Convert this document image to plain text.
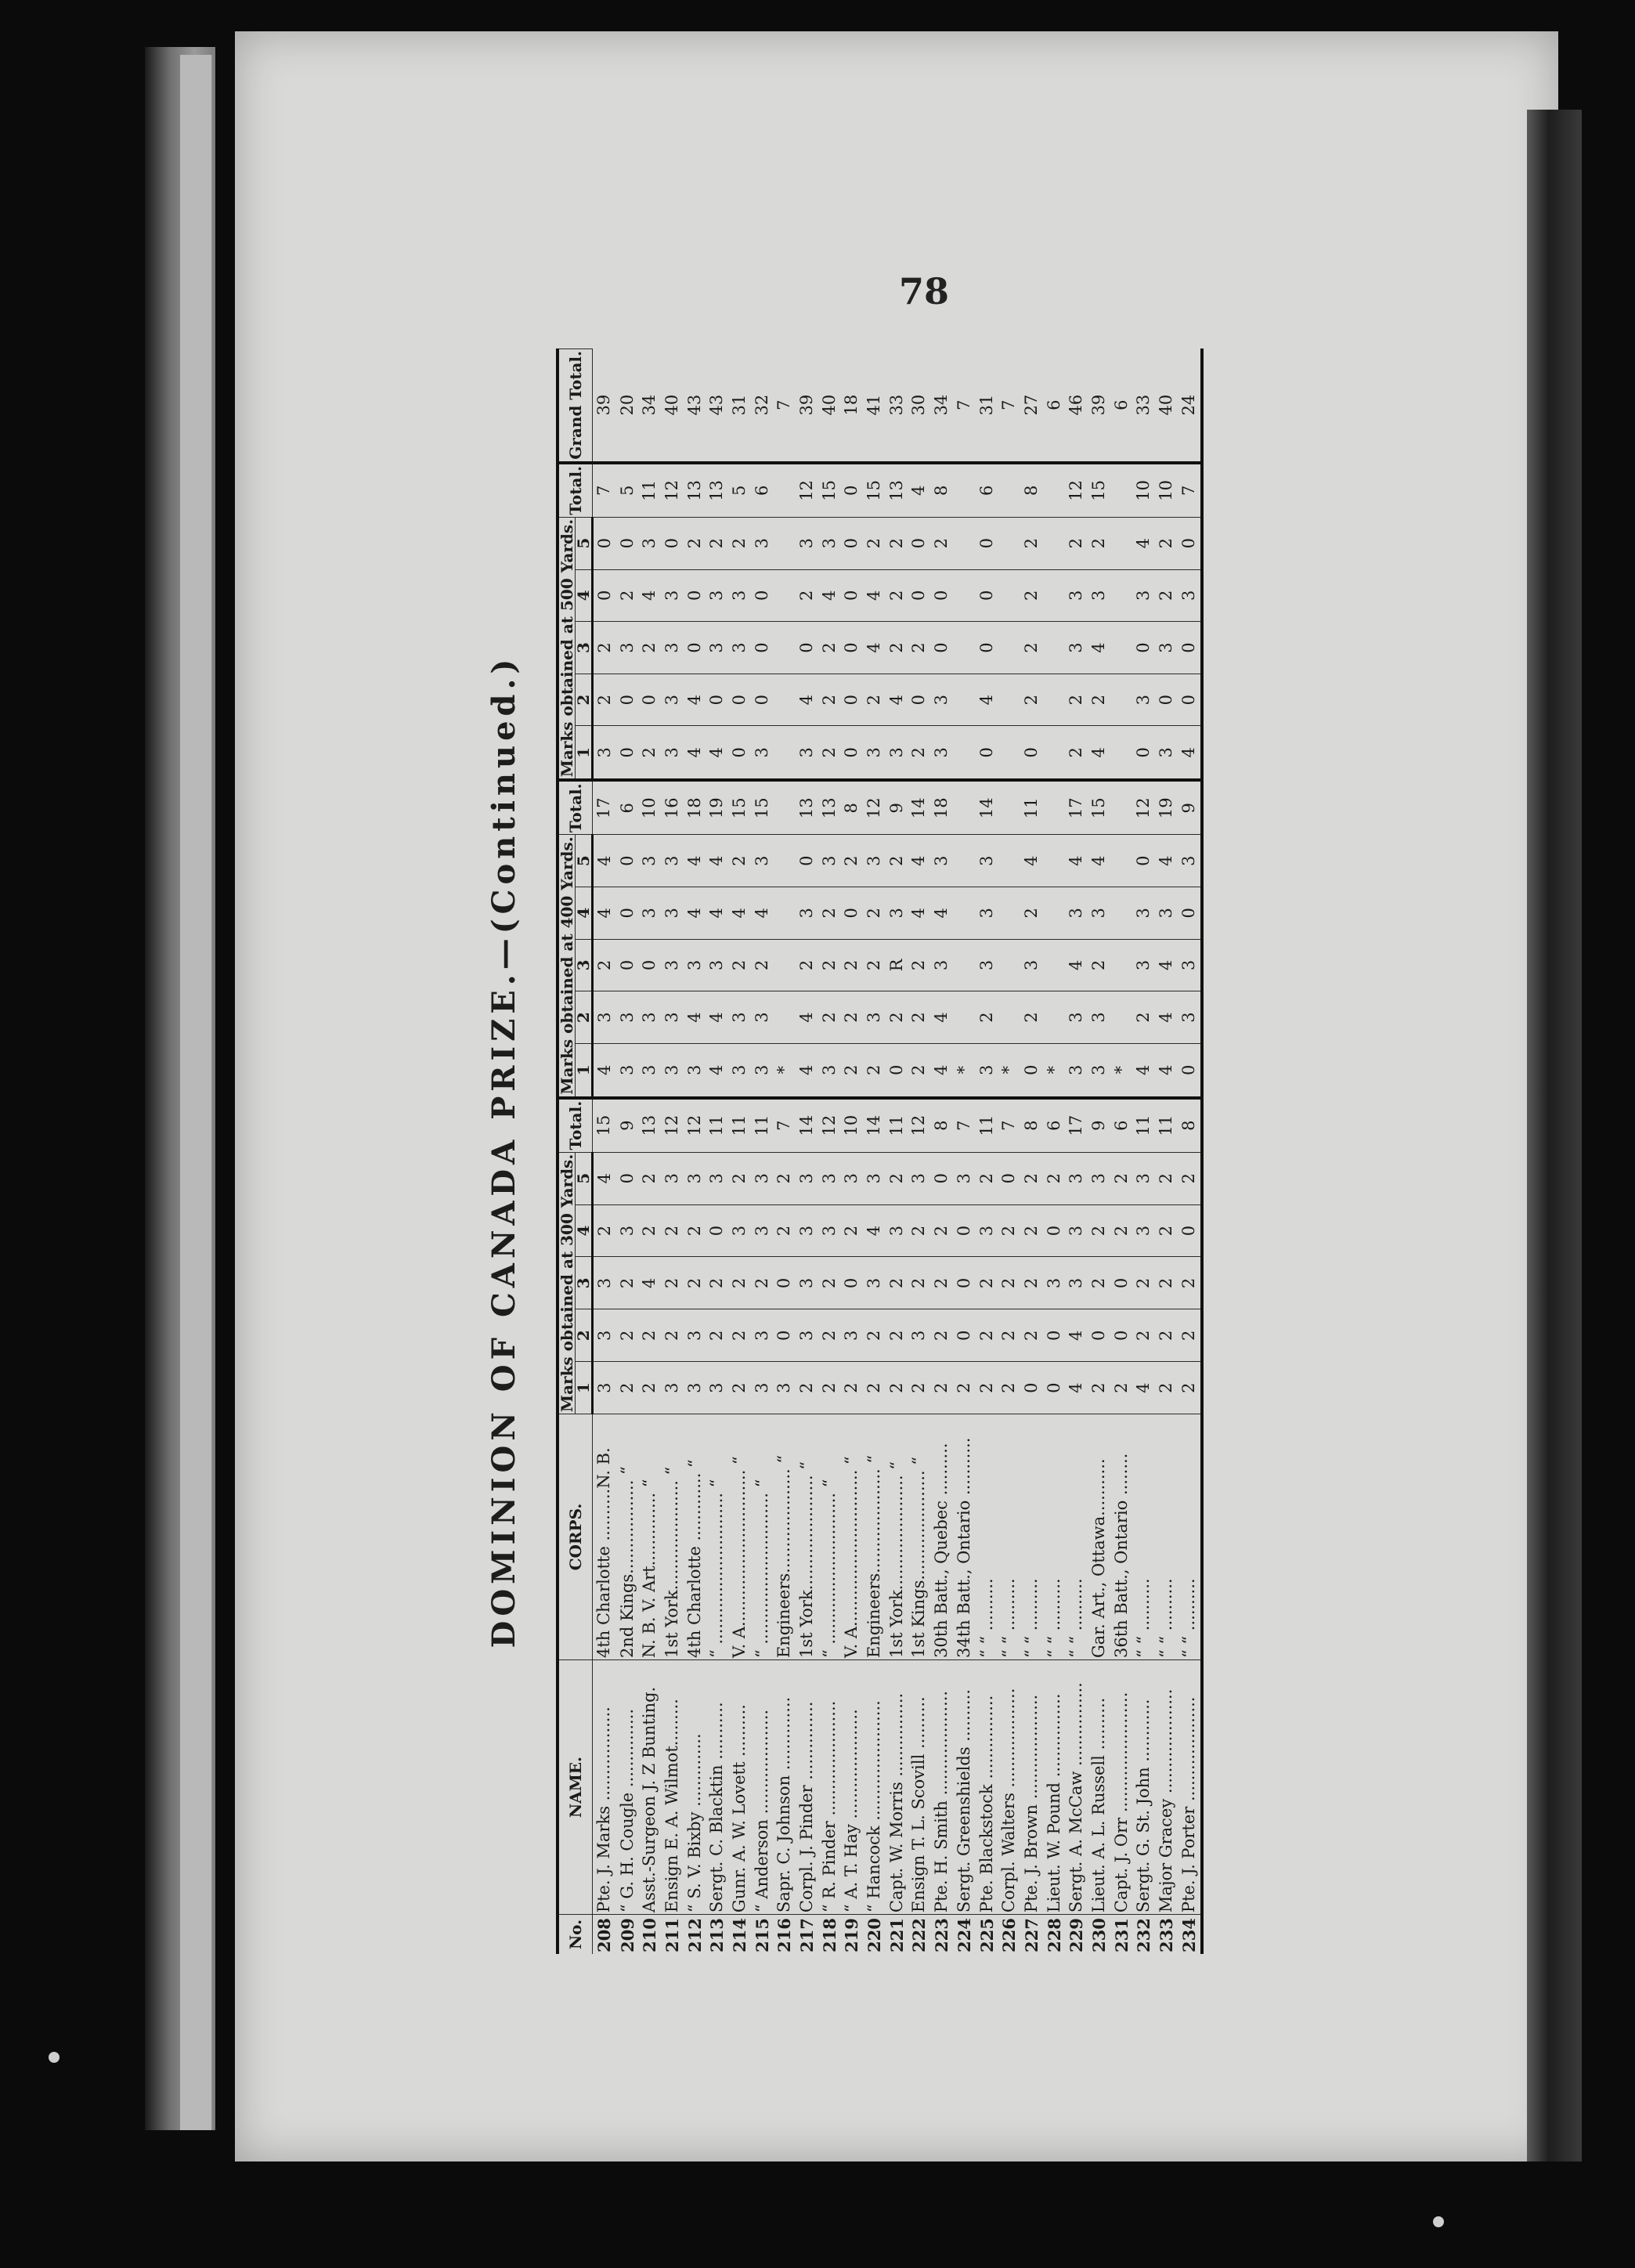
78
DOMINION OF CANADA PRIZE.—(Continued.)
No.	NAME.	CORPS.	Marks obtained at 300 Yards.					Total.	Marks obtained at 400 Yards.					Total.	Marks obtained at 500 Yards.					Total.	Grand Total.
			1	2	3	4	5		1	2	3	4	5		1	2	3	4	5		
208	Pte. J. Marks ..................	4th Charlotte ..........N. B.	3	3	3	2	4	15	4	3	2	4	4	17	3	2	2	0	0	7	39
209	“ G. H. Cougle ...............	2nd Kings.................. “	2	2	2	3	0	9	3	3	0	0	0	6	0	0	3	2	0	5	20
210	Asst.-Surgeon J. Z Bunting.	N. B. V. Art.............. “	2	2	4	2	2	13	3	3	0	3	3	10	2	0	2	4	3	11	34
211	Ensign E. A. Wilmot.........	1st York..................... “	3	2	2	2	3	12	3	3	3	3	3	16	3	3	3	3	0	12	40
212	“ S. V. Bixby ..............	4th Charlotte ............. “	3	3	2	2	3	12	3	4	3	4	4	18	4	4	0	0	2	13	43
213	Sergt. C. Blacktin ...........	“ ............................. “	3	2	2	0	3	11	4	4	3	4	4	19	4	0	3	3	2	13	43
214	Gunr. A. W. Lovett ..........	V. A.............................. “	2	2	2	3	2	11	3	3	2	4	2	15	0	0	3	3	2	5	31
215	“ Anderson ....................	“ ............................. “	3	3	2	3	3	11	3	3	2	4	3	15	3	0	0	0	3	6	32
216	Sapr. C. Johnson ..............	Engineers.................... “	3	0	0	2	2	7	*												7
217	Corpl. J. Pinder ...............	1st York...................... “	2	3	3	3	3	14	4	4	2	3	0	13	3	4	0	2	3	12	39
218	“ R. Pinder ......................	“ ............................. “	2	2	2	3	3	12	3	2	2	2	3	13	2	2	2	4	3	15	40
219	“ A. T. Hay .....................	V. A.............................. “	2	3	0	2	3	10	2	2	2	0	2	8	0	0	0	0	0	0	18
220	“ Hancock .......................	Engineers.................... “	2	2	3	4	3	14	2	3	2	2	3	12	3	2	4	4	2	15	41
221	Capt. W. Morris ................	1st York...................... “	2	2	2	3	2	11	0	2	R	3	2	9	3	4	2	2	2	13	33
222	Ensign T. L. Scovill ..........	1st Kings..................... “	2	3	2	2	3	12	2	2	2	4	4	14	2	0	2	0	0	4	30
223	Pte. H. Smith ....................	30th Batt., Quebec ..........	2	2	2	2	0	8	4	4	3	4	3	18	3	3	0	0	2	8	34
224	Sergt. Greenshields ..........	34th Batt., Ontario ...........	2	0	0	0	3	7	*												7
225	Pte. Blackstock ................	“ “ ..........	2	2	2	3	2	11	3	2	3	3	3	14	0	4	0	0	0	6	31
226	Corpl. Walters ...................	“ “ ..........	2	2	2	2	0	7	*												7
227	Pte. J. Brown ....................	“ “ ..........	0	2	2	2	2	8	0	2	3	2	4	11	0	2	2	2	2	8	27
228	Lieut. W. Pound ................	“ “ ..........	0	0	3	0	2	6	*												6
229	Sergt. A. McCaw ................	“ “ ..........	4	4	3	3	3	17	3	3	4	3	4	17	2	2	3	3	2	12	46
230	Lieut. A. L. Russell ..........	Gar. Art., Ottawa...........	2	0	2	2	3	9	3	3	2	3	4	15	4	2	4	3	2	15	39
231	Capt. J. Orr .......................	36th Batt., Ontario ........	2	0	0	2	2	6	*												6
232	Sergt. G. St. John ............	“ “ ..........	4	2	2	3	3	11	4	2	3	3	0	12	0	3	0	3	4	10	33
233	Major Gracey ....................	“ “ ..........	2	2	2	2	2	11	4	4	4	3	4	19	3	0	3	2	2	10	40
234	Pte. J. Porter ....................	“ “ ..........	2	2	2	0	2	8	0	3	3	0	3	9	4	0	0	3	0	7	24
